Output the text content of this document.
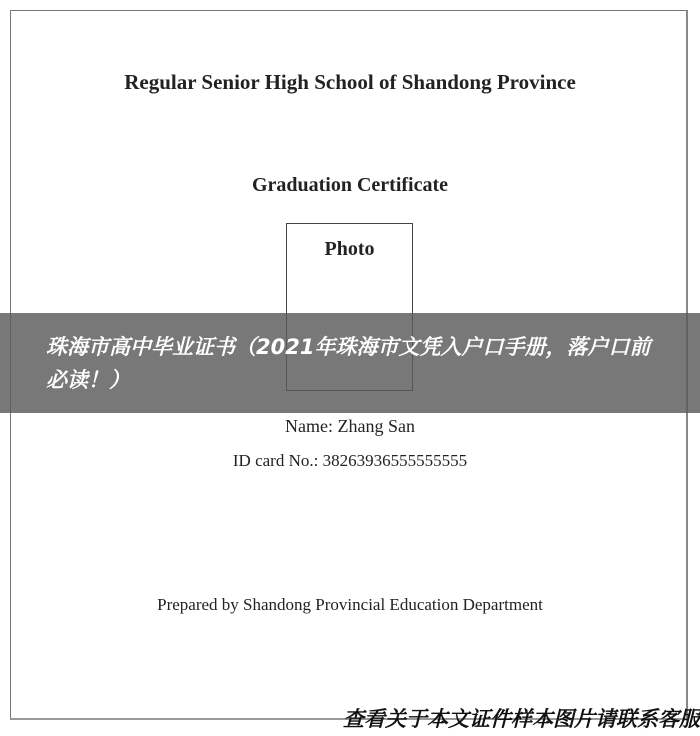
Regular Senior High School of Shandong Province
Graduation Certificate
Photo
珠海市高中毕业证书（2021年珠海市文凭入户口手册，落户口前必读！）
Name: Zhang San
ID card No.: 38263936555555555
Prepared by Shandong Provincial Education Department
查看关于本文证件样本图片请联系客服
